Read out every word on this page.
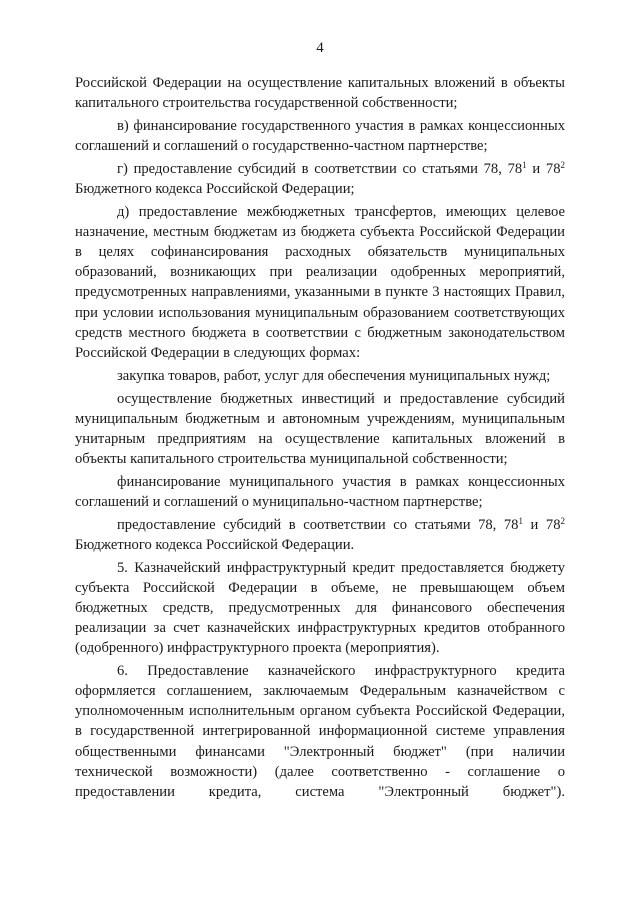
4

Российской Федерации на осуществление капитальных вложений в объекты капитального строительства государственной собственности;

в) финансирование государственного участия в рамках концессионных соглашений и соглашений о государственно-частном партнерстве;

г) предоставление субсидий в соответствии со статьями 78, $78^1$ и $78^2$ Бюджетного кодекса Российской Федерации;

д) предоставление межбюджетных трансфертов, имеющих целевое назначение, местным бюджетам из бюджета субъекта Российской Федерации в целях софинансирования расходных обязательств муниципальных образований, возникающих при реализации одобренных мероприятий, предусмотренных направлениями, указанными в пункте 3 настоящих Правил, при условии использования муниципальным образованием соответствующих средств местного бюджета в соответствии с бюджетным законодательством Российской Федерации в следующих формах:

закупка товаров, работ, услуг для обеспечения муниципальных нужд;

осуществление бюджетных инвестиций и предоставление субсидий муниципальным бюджетным и автономным учреждениям, муниципальным унитарным предприятиям на осуществление капитальных вложений в объекты капитального строительства муниципальной собственности;

финансирование муниципального участия в рамках концессионных соглашений и соглашений о муниципально-частном партнерстве;

предоставление субсидий в соответствии со статьями 78, $78^1$ и $78^2$ Бюджетного кодекса Российской Федерации.

5. Казначейский инфраструктурный кредит предоставляется бюджету субъекта Российской Федерации в объеме, не превышающем объем бюджетных средств, предусмотренных для финансового обеспечения реализации за счет казначейских инфраструктурных кредитов отобранного (одобренного) инфраструктурного проекта (мероприятия).

6. Предоставление казначейского инфраструктурного кредита оформляется соглашением, заключаемым Федеральным казначейством с уполномоченным исполнительным органом субъекта Российской Федерации, в государственной интегрированной информационной системе управления общественными финансами "Электронный бюджет" (при наличии технической возможности) (далее соответственно - соглашение о предоставлении кредита, система "Электронный бюджет").
